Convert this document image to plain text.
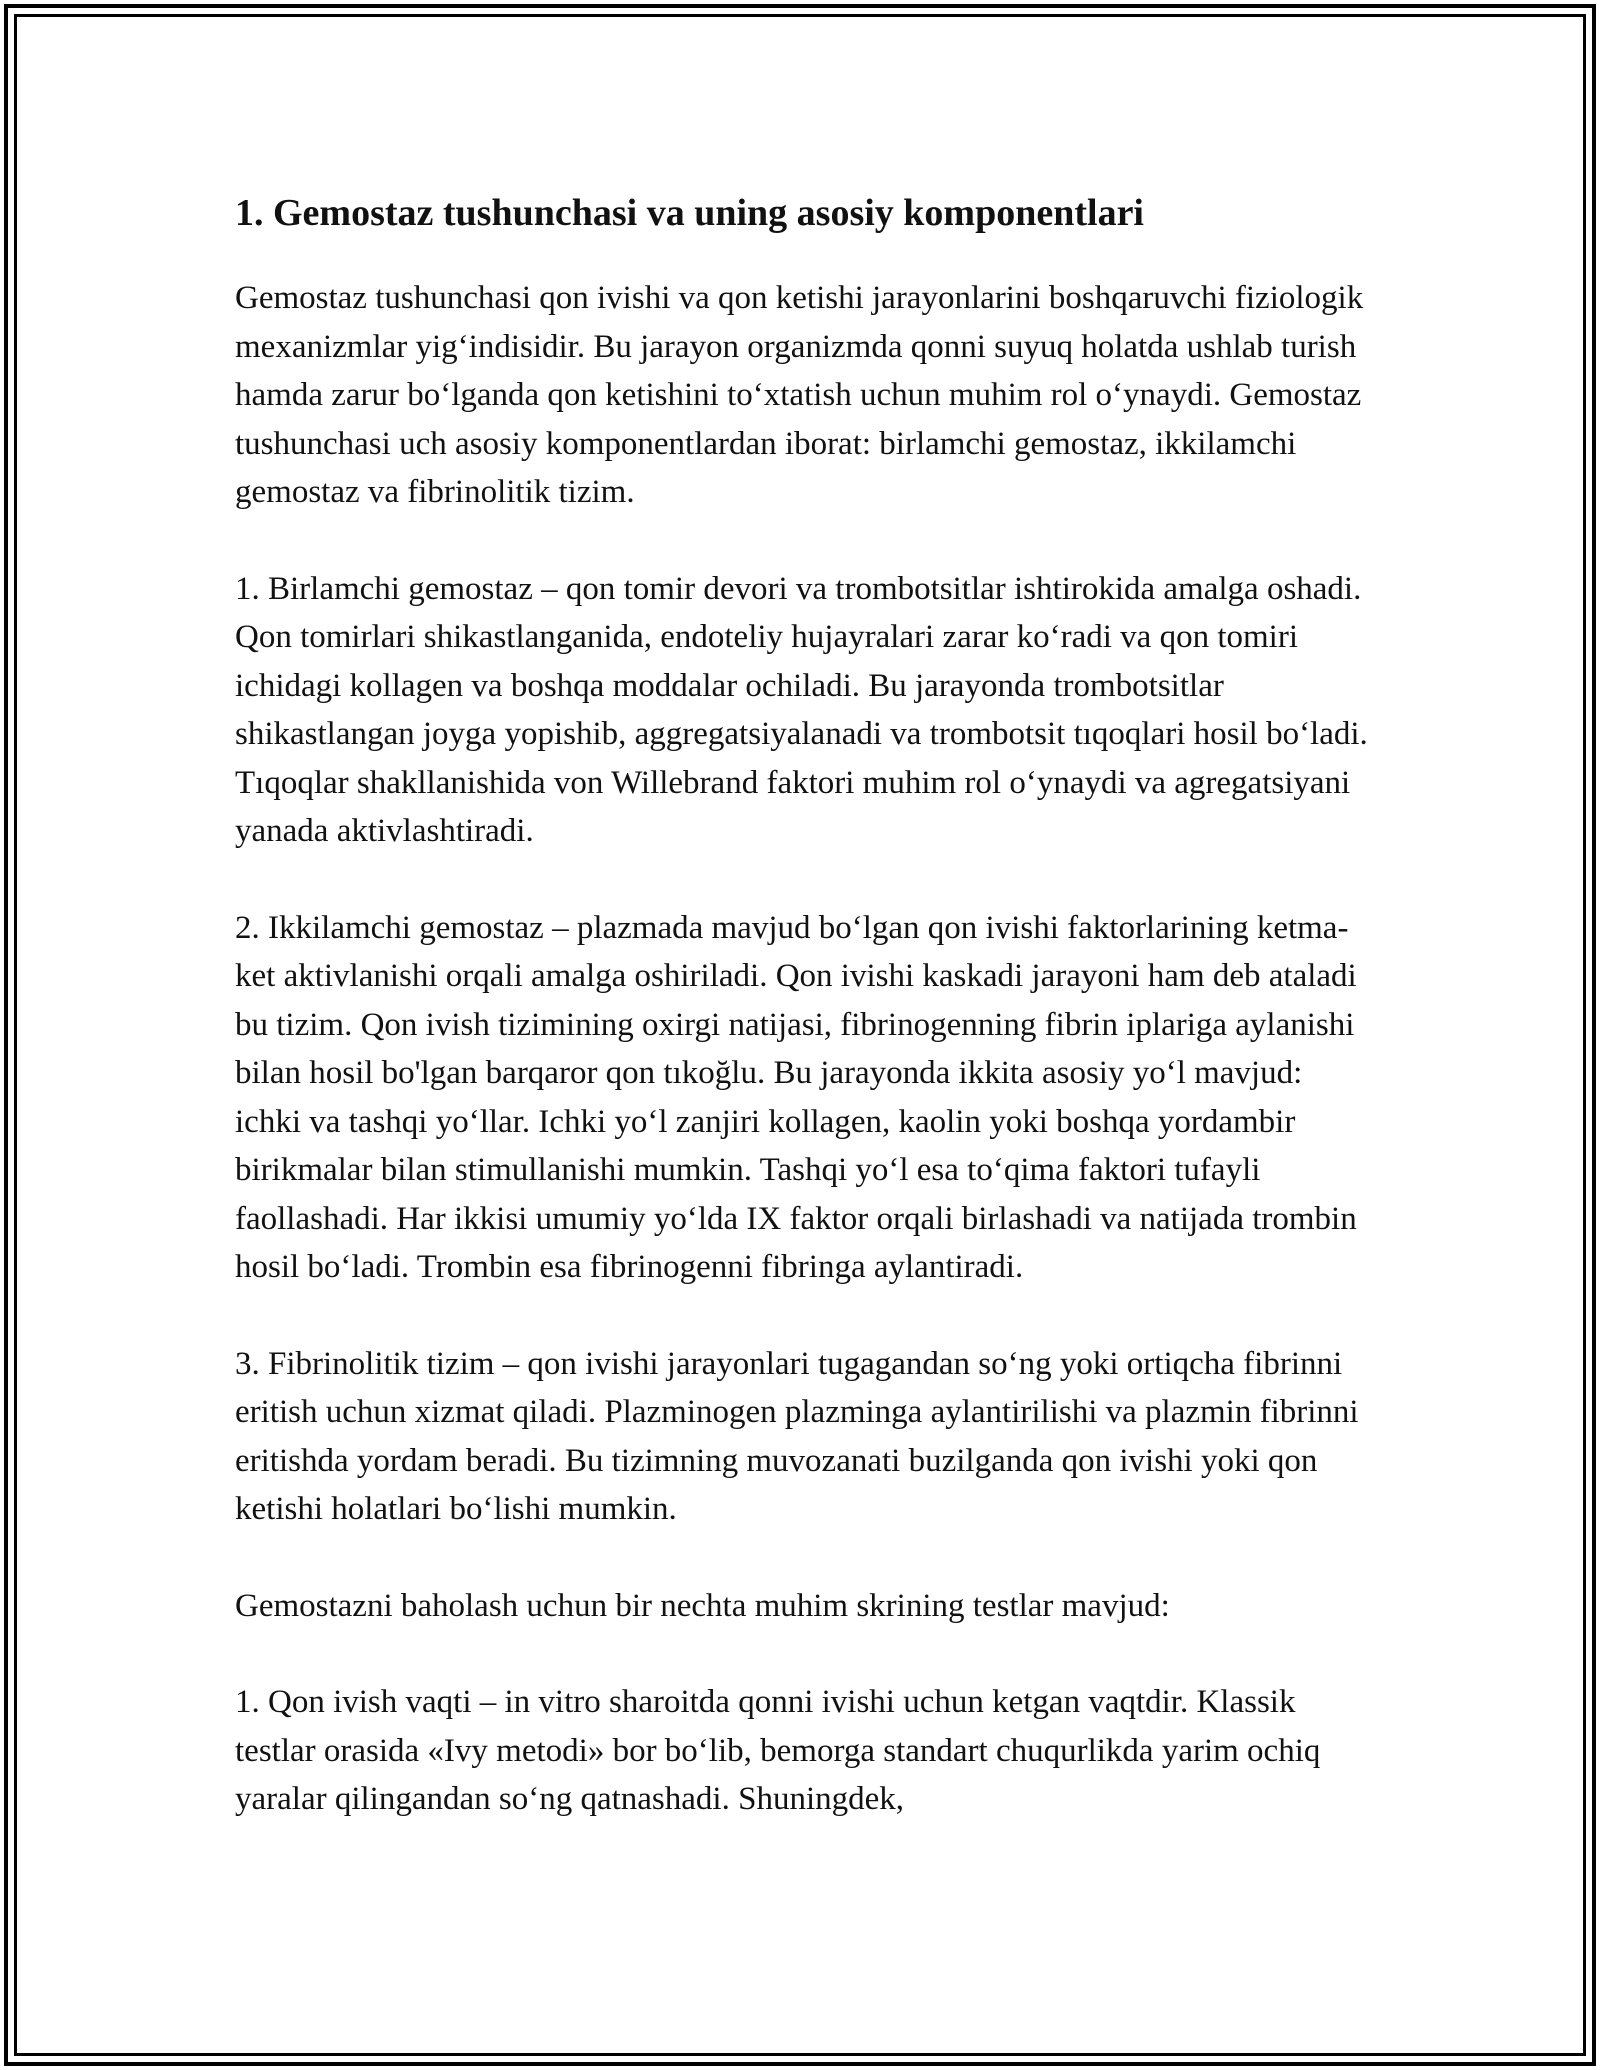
1. Gemostaz tushunchasi va uning asosiy komponentlari

Gemostaz tushunchasi qon ivishi va qon ketishi jarayonlarini boshqaruvchi fiziologik mexanizmlar yig‘indisidir. Bu jarayon organizmda qonni suyuq holatda ushlab turish hamda zarur bo‘lganda qon ketishini to‘xtatish uchun muhim rol o‘ynaydi. Gemostaz tushunchasi uch asosiy komponentlardan iborat: birlamchi gemostaz, ikkilamchi gemostaz va fibrinolitik tizim.

1. Birlamchi gemostaz – qon tomir devori va trombotsitlar ishtirokida amalga oshadi. Qon tomirlari shikastlanganida, endoteliy hujayralari zarar ko‘radi va qon tomiri ichidagi kollagen va boshqa moddalar ochiladi. Bu jarayonda trombotsitlar shikastlangan joyga yopishib, aggregatsiyalanadi va trombotsit tıqoqlari hosil bo‘ladi. Tıqoqlar shakllanishida von Willebrand faktori muhim rol o‘ynaydi va agregatsiyani yanada aktivlashtiradi.

2. Ikkilamchi gemostaz – plazmada mavjud bo‘lgan qon ivishi faktorlarining ketma-ket aktivlanishi orqali amalga oshiriladi. Qon ivishi kaskadi jarayoni ham deb ataladi bu tizim. Qon ivish tizimining oxirgi natijasi, fibrinogenning fibrin iplariga aylanishi bilan hosil bo'lgan barqaror qon tıkoğlu. Bu jarayonda ikkita asosiy yo‘l mavjud: ichki va tashqi yo‘llar. Ichki yo‘l zanjiri kollagen, kaolin yoki boshqa yordambir birikmalar bilan stimullanishi mumkin. Tashqi yo‘l esa to‘qima faktori tufayli faollashadi. Har ikkisi umumiy yo‘lda IX faktor orqali birlashadi va natijada trombin hosil bo‘ladi. Trombin esa fibrinogenni fibringa aylantiradi.

3. Fibrinolitik tizim – qon ivishi jarayonlari tugagandan so‘ng yoki ortiqcha fibrinni eritish uchun xizmat qiladi. Plazminogen plazminga aylantirilishi va plazmin fibrinni eritishda yordam beradi. Bu tizimning muvozanati buzilganda qon ivishi yoki qon ketishi holatlari bo‘lishi mumkin.

Gemostazni baholash uchun bir nechta muhim skrining testlar mavjud:

1. Qon ivish vaqti – in vitro sharoitda qonni ivishi uchun ketgan vaqtdir. Klassik testlar orasida «Ivy metodi» bor bo‘lib, bemorga standart chuqurlikda yarim ochiq yaralar qilingandan so‘ng qatnashadi. Shuningdek,
